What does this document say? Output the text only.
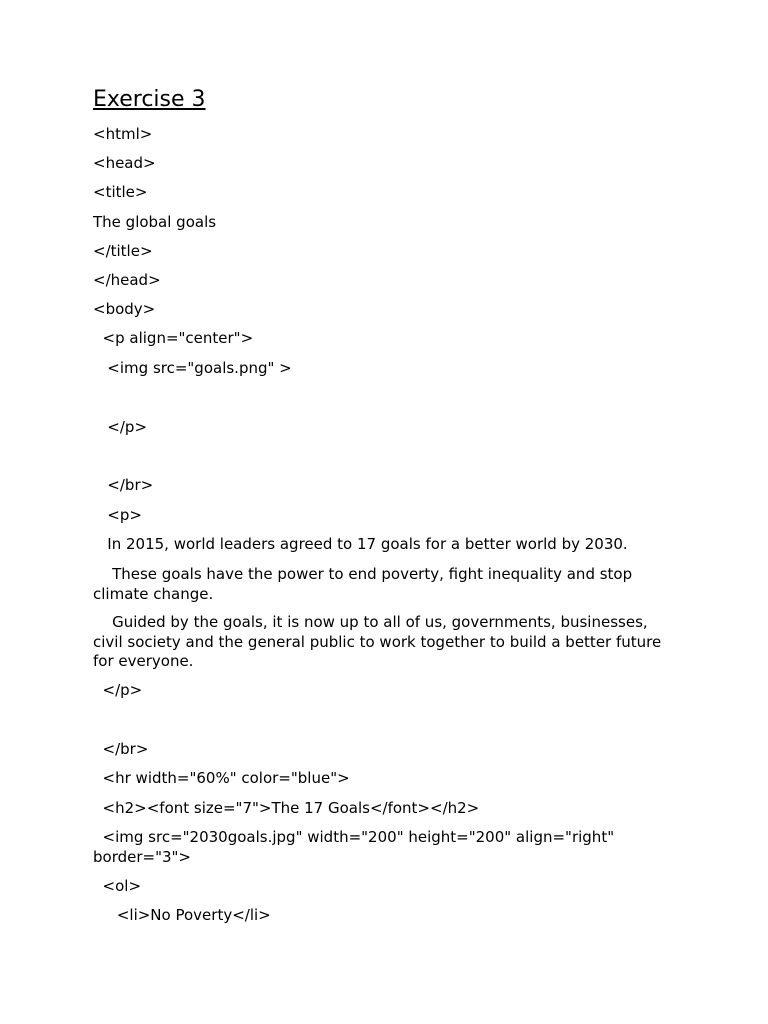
Exercise 3
<html>
<head>
<title>
The global goals
</title>
</head>
<body>
<p align="center">
<img src="goals.png" >
</p>
</br>
<p>
In 2015, world leaders agreed to 17 goals for a better world by 2030.
These goals have the power to end poverty, fight inequality and stop climate change.
Guided by the goals, it is now up to all of us, governments, businesses, civil society and the general public to work together to build a better future for everyone.
</p>
</br>
<hr width="60%" color="blue">
<h2><font size="7">The 17 Goals</font></h2>
<img src="2030goals.jpg" width="200" height="200" align="right" border="3">
<ol>
<li>No Poverty</li>
